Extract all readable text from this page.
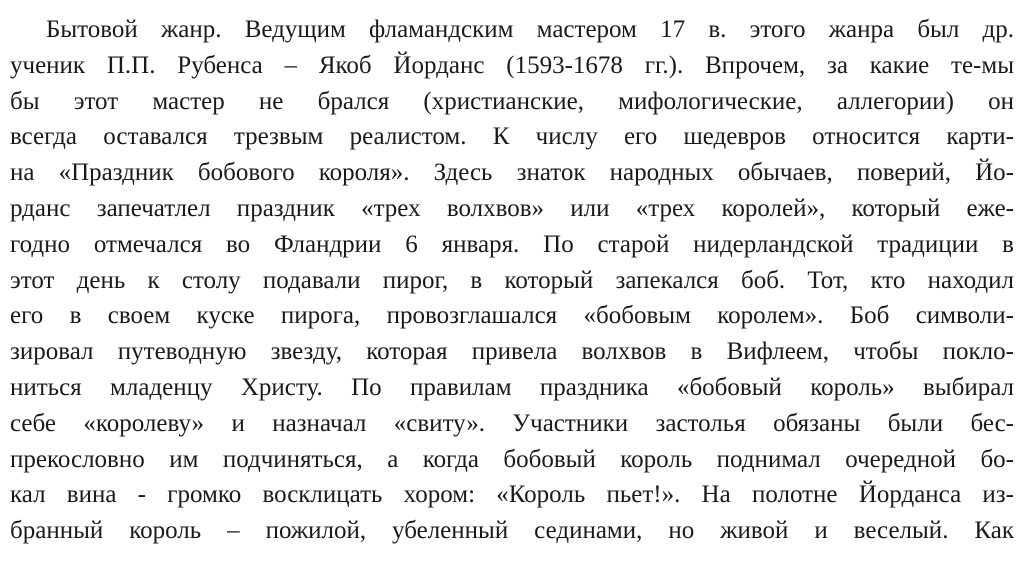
Бытовой жанр. Ведущим фламандским мастером 17 в. этого жанра был др.
ученик П.П. Рубенса – Якоб Йорданс (1593-1678 гг.). Впрочем, за какие те-мы
бы этот мастер не брался (христианские, мифологические, аллегории) он
всегда оставался трезвым реалистом. К числу его шедевров относится карти-
на «Праздник бобового короля». Здесь знаток народных обычаев, поверий, Йо-
рданс запечатлел праздник «трех волхвов» или «трех королей», который еже-
годно отмечался во Фландрии 6 января. По старой нидерландской традиции в
этот день к столу подавали пирог, в который запекался боб. Тот, кто находил
его в своем куске пирога, провозглашался «бобовым королем». Боб символи-
зировал путеводную звезду, которая привела волхвов в Вифлеем, чтобы покло-
ниться младенцу Христу. По правилам праздника «бобовый король» выбирал
себе «королеву» и назначал «свиту». Участники застолья обязаны были бес-
прекословно им подчиняться, а когда бобовый король поднимал очередной бо-
кал вина - громко восклицать хором: «Король пьет!». На полотне Йорданса из-
бранный король – пожилой, убеленный сединами, но живой и веселый. Как
